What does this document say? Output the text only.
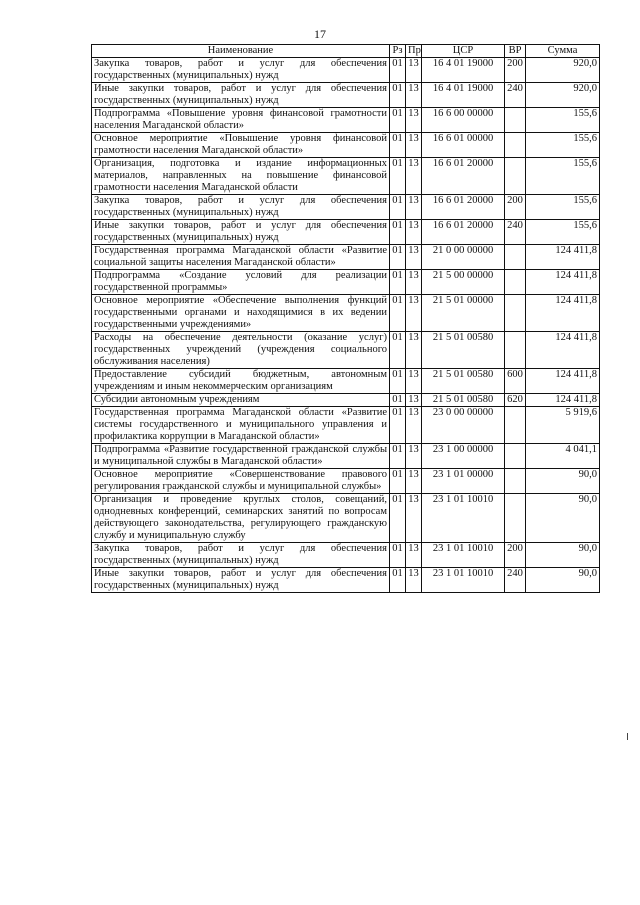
17
Наименование	Рз	Пр	ЦСР	ВР	Сумма
Закупка товаров, работ и услуг для обеспечения государственных (муниципальных) нужд	01	13	16 4 01 19000	200	920,0
Иные закупки товаров, работ и услуг для обеспечения государственных (муниципальных) нужд	01	13	16 4 01 19000	240	920,0
Подпрограмма «Повышение уровня финансовой грамотности населения Магаданской области»	01	13	16 6 00 00000		155,6
Основное мероприятие «Повышение уровня финансовой грамотности населения Магаданской области»	01	13	16 6 01 00000		155,6
Организация, подготовка и издание информационных материалов, направленных на повышение финансовой грамотности населения Магаданской области	01	13	16 6 01 20000		155,6
Закупка товаров, работ и услуг для обеспечения государственных (муниципальных) нужд	01	13	16 6 01 20000	200	155,6
Иные закупки товаров, работ и услуг для обеспечения государственных (муниципальных) нужд	01	13	16 6 01 20000	240	155,6
Государственная программа Магаданской области «Развитие социальной защиты населения Магаданской области»	01	13	21 0 00 00000		124 411,8
Подпрограмма «Создание условий для реализации государственной программы»	01	13	21 5 00 00000		124 411,8
Основное мероприятие «Обеспечение выполнения функций государственными органами и находящимися в их ведении государственными учреждениями»	01	13	21 5 01 00000		124 411,8
Расходы на обеспечение деятельности (оказание услуг) государственных учреждений (учреждения социального обслуживания населения)	01	13	21 5 01 00580		124 411,8
Предоставление субсидий бюджетным, автономным учреждениям и иным некоммерческим организациям	01	13	21 5 01 00580	600	124 411,8
Субсидии автономным учреждениям	01	13	21 5 01 00580	620	124 411,8
Государственная программа Магаданской области «Развитие системы государственного и муниципального управления и профилактика коррупции в Магаданской области»	01	13	23 0 00 00000		5 919,6
Подпрограмма «Развитие государственной гражданской службы и муниципальной службы в Магаданской области»	01	13	23 1 00 00000		4 041,1
Основное мероприятие «Совершенствование правового регулирования гражданской службы и муниципальной службы»	01	13	23 1 01 00000		90,0
Организация и проведение круглых столов, совещаний, однодневных конференций, семинарских занятий по вопросам действующего законодательства, регулирующего гражданскую службу и муниципальную службу	01	13	23 1 01 10010		90,0
Закупка товаров, работ и услуг для обеспечения государственных (муниципальных) нужд	01	13	23 1 01 10010	200	90,0
Иные закупки товаров, работ и услуг для обеспечения государственных (муниципальных) нужд	01	13	23 1 01 10010	240	90,0
